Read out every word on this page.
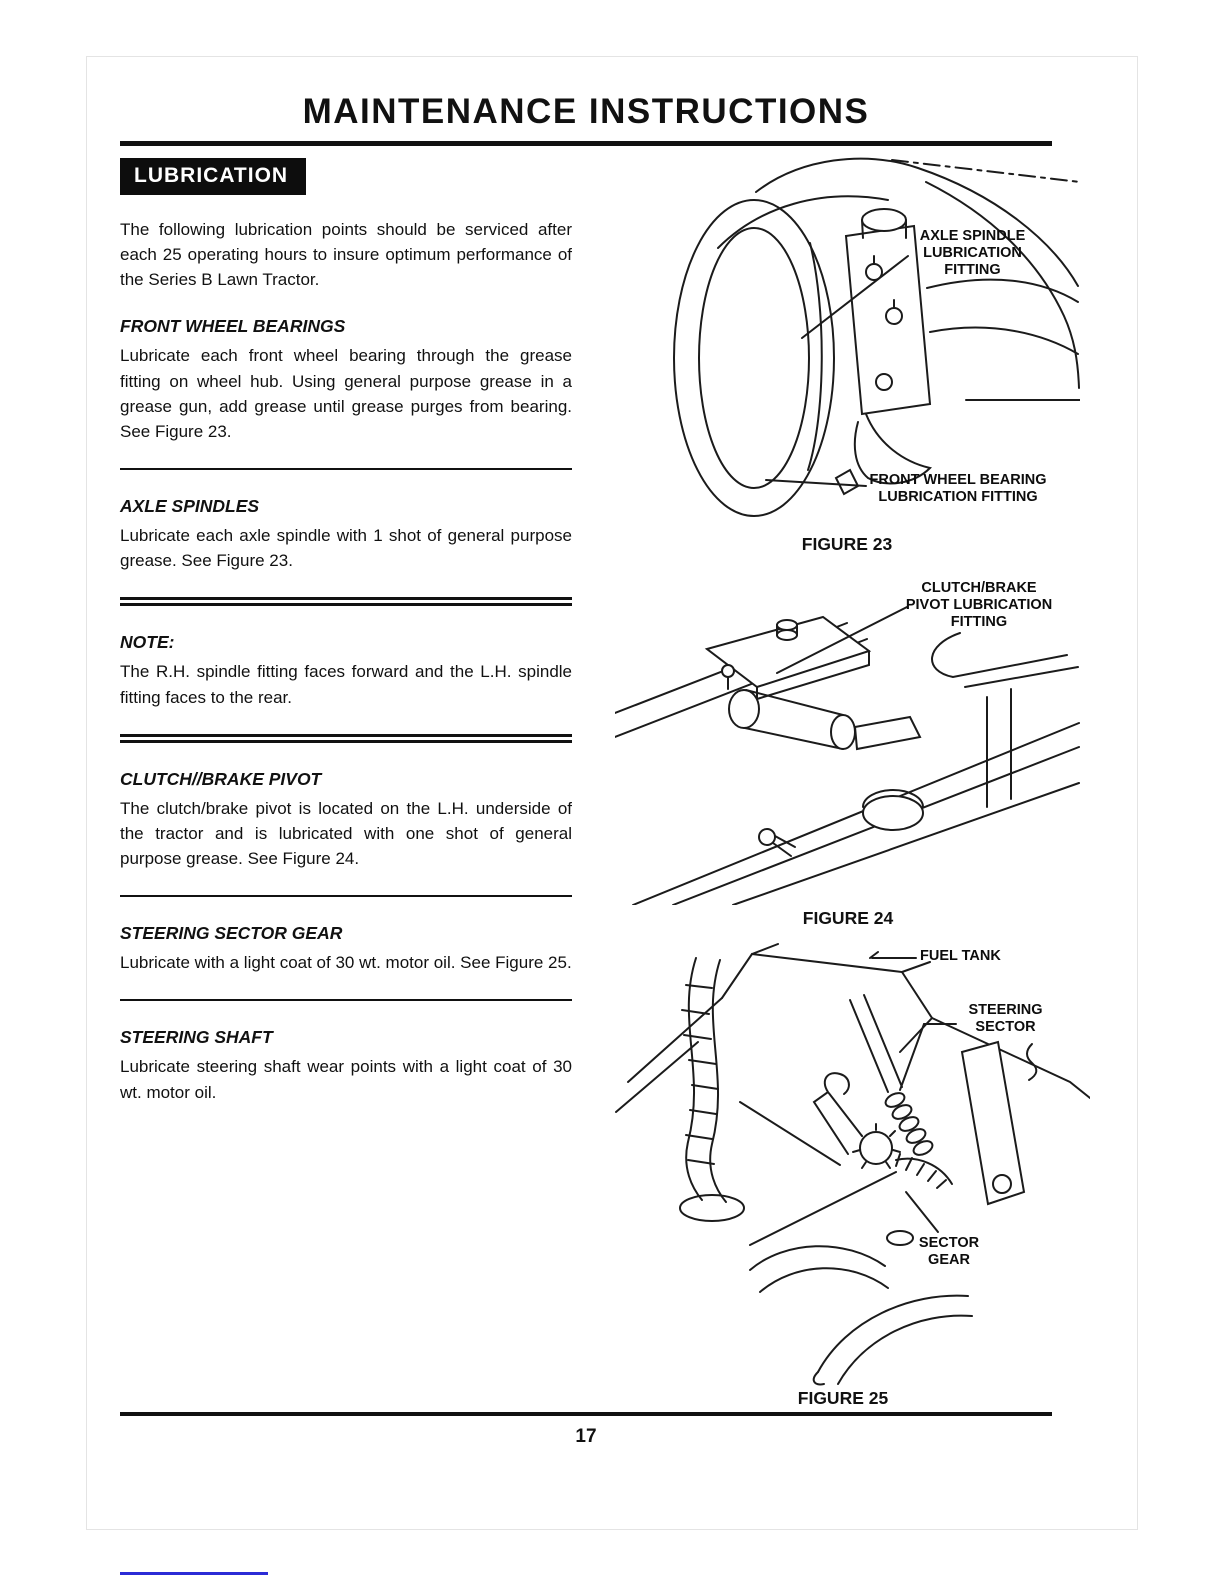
MAINTENANCE INSTRUCTIONS
LUBRICATION
The following lubrication points should be serviced after each 25 operating hours to insure optimum performance of the Series B Lawn Tractor.
FRONT WHEEL BEARINGS
Lubricate each front wheel bearing through the grease fitting on wheel hub. Using general purpose grease in a grease gun, add grease until grease purges from bearing. See Figure 23.
AXLE SPINDLES
Lubricate each axle spindle with 1 shot of general purpose grease. See Figure 23.
NOTE:
The R.H. spindle fitting faces forward and the L.H. spindle fitting faces to the rear.
CLUTCH//BRAKE PIVOT
The clutch/brake pivot is located on the L.H. underside of the tractor and is lubricated with one shot of general purpose grease. See Figure 24.
STEERING SECTOR GEAR
Lubricate with a light coat of 30 wt. motor oil. See Figure 25.
STEERING SHAFT
Lubricate steering shaft wear points with a light coat of 30 wt. motor oil.
AXLE SPINDLE LUBRICATION FITTING
FRONT WHEEL BEARING LUBRICATION FITTING
FIGURE 23
CLUTCH/BRAKE PIVOT LUBRICATION FITTING
FIGURE 24
FUEL TANK
STEERING SECTOR
SECTOR GEAR
FIGURE 25
17
